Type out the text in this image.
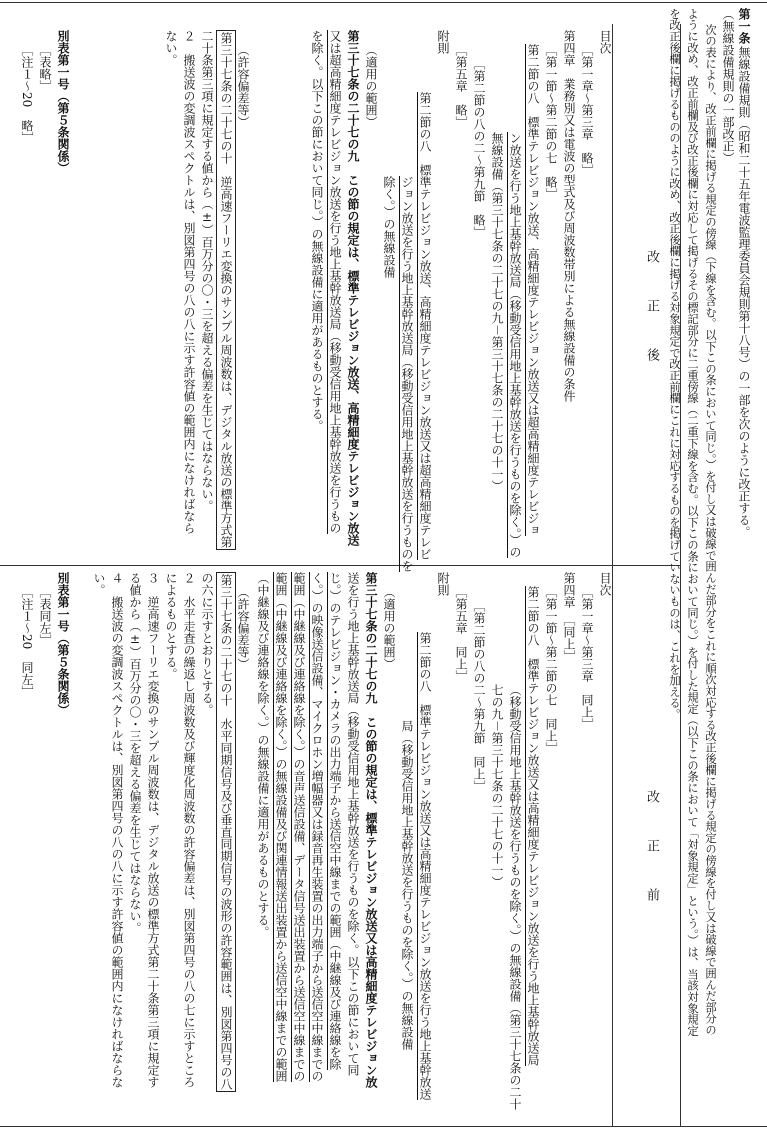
（無線設備規則の一部改正） 第一条
無線設備規則（昭和二十五年電波監理委員会規則第十八号）の一部を次のように改正する。
次の表により、改正前欄に掲げる規定の傍線（下線を含む。以下この条において同じ。）を付し又は破線で囲んだ部分をこれに順次対応する改正後欄に掲げる規定の傍線を付し又は破線で囲んだ部分の
ように改め、改正前欄及び改正後欄に対応して掲げるその標記部分に二重傍線（二重下線を含む。以下この条において同じ。）を付した規定（以下この条において「対象規定」という。）は、当該対象規定
を改正後欄に掲げるもののように改め、改正後欄に掲げる対象規定で改正前欄にこれに対応するものを掲げていないものは、これを加える。
改正後
改正前
目次
［第一章～第三章　略］
第四章　業務別又は電波の型式及び周波数帯別による無線設備の条件
［第一節～第二節の七　略］
第二節の八　標準テレビジョン放送、高精細度テレビジョン放送又は超高精細度テレビジョ
ン放送を行う地上基幹放送局（移動受信用地上基幹放送を行うものを除く。）の
無線設備（第三十七条の二十七の九－第三十七条の二十七の十一）
［第二節の八の二～第九節　略］
［第五章　略］
附則
第二節の八　標準テレビジョン放送、高精細度テレビジョン放送又は超高精細度テレビ
ジョン放送を行う地上基幹放送局（移動受信用地上基幹放送を行うものを
除く。）の無線設備
（適用の範囲）
第三十七条の二十七の九　この節の規定は、標準テレビジョン放送、高精細度テレビジョン放送
又は超高精細度テレビジョン放送を行う地上基幹放送局（移動受信用地上基幹放送を行うもの
を除く。以下この節において同じ。）の無線設備に適用があるものとする。
（許容偏差等）
第三十七条の二十七の十　逆高速フーリエ変換のサンプル周波数は、デジタル放送の標準方式第
二十条第三項に規定する値から（±）百万分の〇・三を超える偏差を生じてはならない。
２　搬送波の変調波スペクトルは、別図第四号の八の八に示す許容値の範囲内になければなら
ない。
別表第一号（第５条関係）
［表略］
［注１～20　略］
目次
［第一章～第三章　同上］
第四章　［同上］
［第一節～第二節の七　同上］
第二節の八　標準テレビジョン放送又は高精細度テレビジョン放送を行う地上基幹放送局
（移動受信用地上基幹放送を行うものを除く。）の無線設備（第三十七条の二十
七の九－第三十七条の二十七の十一）
［第二節の八の二～第九節　同上］
［第五章　同上］
附則
第二節の八　標準テレビジョン放送又は高精細度テレビジョン放送を行う地上基幹放送
局（移動受信用地上基幹放送を行うものを除く。）の無線設備
（適用の範囲）
第三十七条の二十七の九　この節の規定は、標準テレビジョン放送又は高精細度テレビジョン放
送を行う地上基幹放送局（移動受信用地上基幹放送を行うものを除く。以下この節において同
じ。）のテレビジョン・カメラの出力端子から送信空中線までの範囲（中継線及び連絡線を除
く。）の映像送信設備、マイクロホン増幅器又は録音再生装置の出力端子から送信空中線までの
範囲（中継線及び連絡線を除く。）の音声送信設備、データ信号送出装置から送信空中線までの
範囲（中継線及び連絡線を除く。）の無線設備及び関連情報送出装置から送信空中線までの範囲
（中継線及び連絡線を除く。）の無線設備に適用があるものとする。
（許容偏差等）
第三十七条の二十七の十　水平同期信号及び垂直同期信号の波形の許容範囲は、別図第四号の八
の六に示すとおりとする。
２　水平走査の繰返し周波数及び輝度化周波数の許容偏差は、別図第四号の八の七に示すところ
によるものとする。
３　逆高速フーリエ変換のサンプル周波数は、デジタル放送の標準方式第二十条第三項に規定す
る値から（±）百万分の〇・三を超える偏差を生じてはならない。
４　搬送波の変調波スペクトルは、別図第四号の八の八に示す許容値の範囲内になければならな
い。
別表第一号（第５条関係）
［表同左］
［注１～20　同左］
